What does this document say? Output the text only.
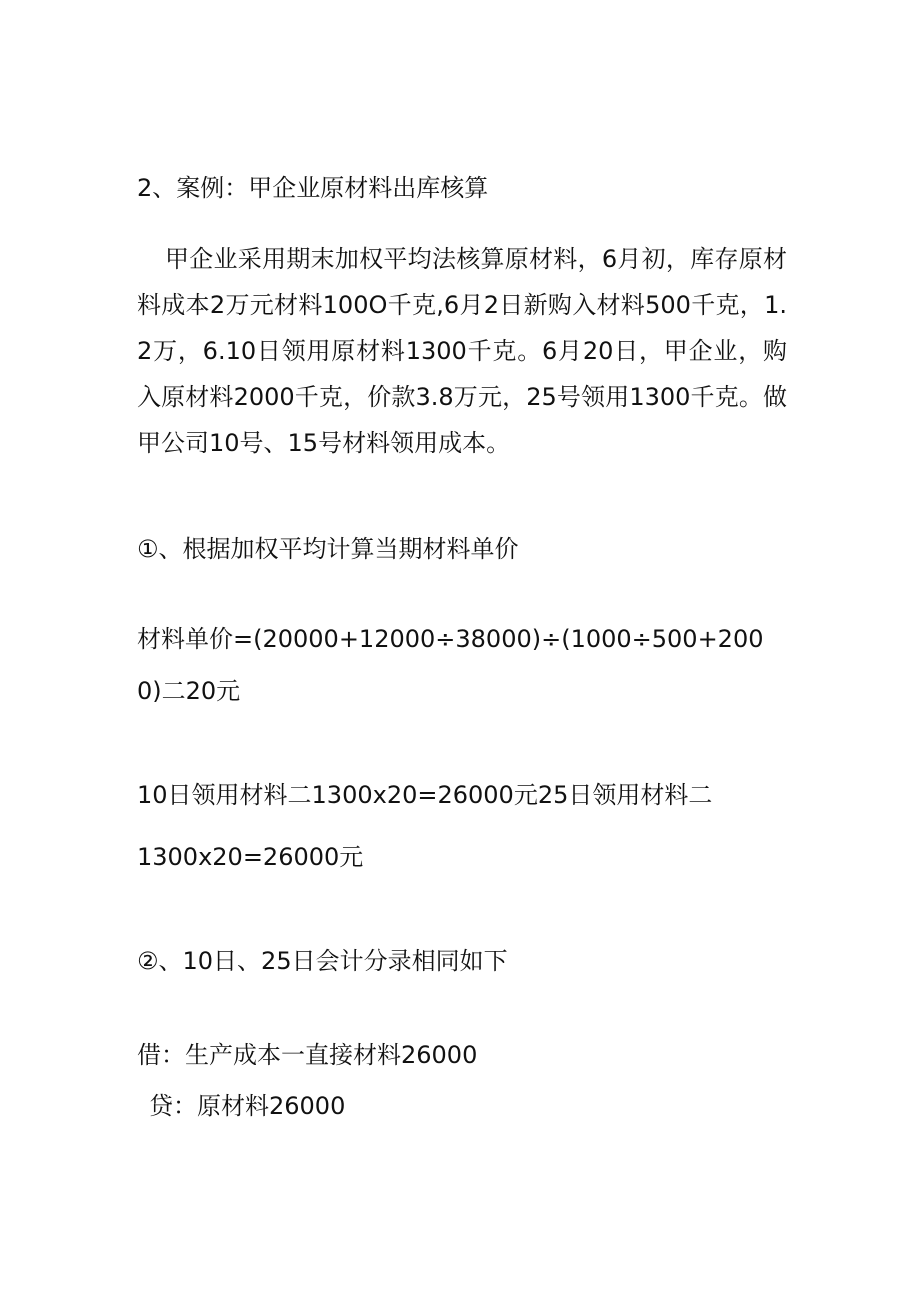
2、案例：甲企业原材料出库核算
甲企业采用期末加权平均法核算原材料，6月初，库存原材料成本2万元材料100O千克,6月2日新购入材料500千克，1.2万，6.10日领用原材料1300千克。6月20日，甲企业，购入原材料2000千克，价款3.8万元，25号领用1300千克。做甲公司10号、15号材料领用成本。
①、根据加权平均计算当期材料单价
材料单价=(20000+12000÷38000)÷(1000÷500+2000)二20元
10日领用材料二1300x20=26000元25日领用材料二
1300x20=26000元
②、10日、25日会计分录相同如下
借：生产成本一直接材料26000
贷：原材料26000
